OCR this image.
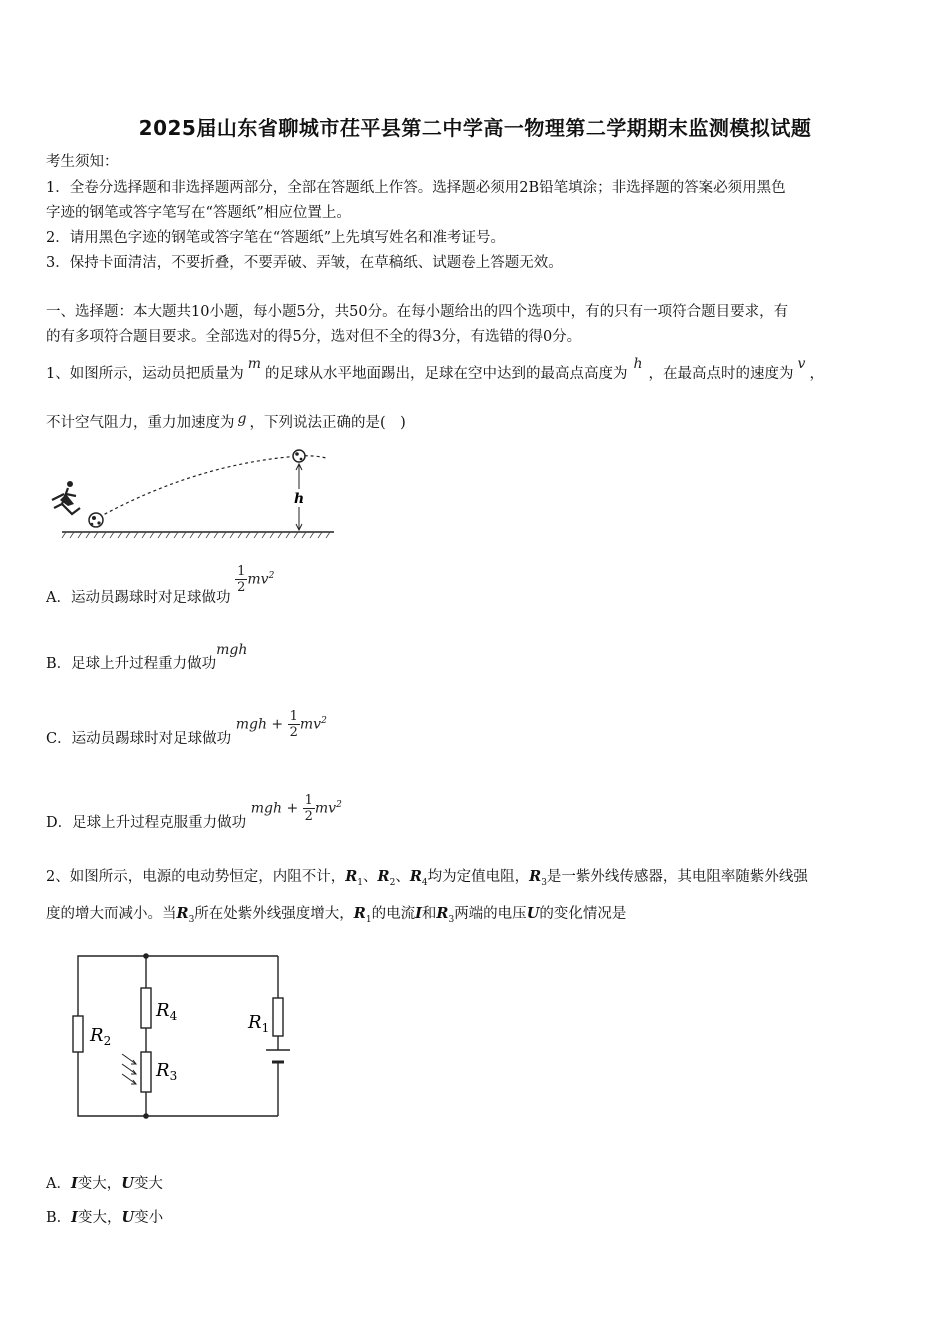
2025届山东省聊城市茌平县第二中学高一物理第二学期期末监测模拟试题
考生须知：
1．全卷分选择题和非选择题两部分，全部在答题纸上作答。选择题必须用2B铅笔填涂；非选择题的答案必须用黑色
字迹的钢笔或答字笔写在“答题纸”相应位置上。
2．请用黑色字迹的钢笔或答字笔在“答题纸”上先填写姓名和准考证号。
3．保持卡面清洁，不要折叠，不要弄破、弄皱，在草稿纸、试题卷上答题无效。
一、选择题：本大题共10小题，每小题5分，共50分。在每小题给出的四个选项中，有的只有一项符合题目要求，有
的有多项符合题目要求。全部选对的得5分，选对但不全的得3分，有选错的得0分。
1、如图所示，运动员把质量为m的足球从水平地面踢出，足球在空中达到的最高点高度为h，在最高点时的速度为v，
不计空气阻力，重力加速度为 g ，下列说法正确的是(　)
h
A．运动员踢球时对足球做功
$\frac{1}{2} mv^2$
B．足球上升过程重力做功mgh
C．运动员踢球时对足球做功 mgh + $\frac{1}{2} mv^2$
D．足球上升过程克服重力做功 mgh + $\frac{1}{2} mv^2$
2、如图所示，电源的电动势恒定，内阻不计，$R_1$、$R_2$、$R_4$均为定值电阻，$R_3$是一紫外线传感器，其电阻率随紫外线强
度的增大而减小。当$R_3$所在处紫外线强度增大，$R_1$的电流I和$R_3$两端的电压U的变化情况是
$R_2$
$R_4$
$R_3$
$R_1$
A．I变大，U变大
B．I变大，U变小
